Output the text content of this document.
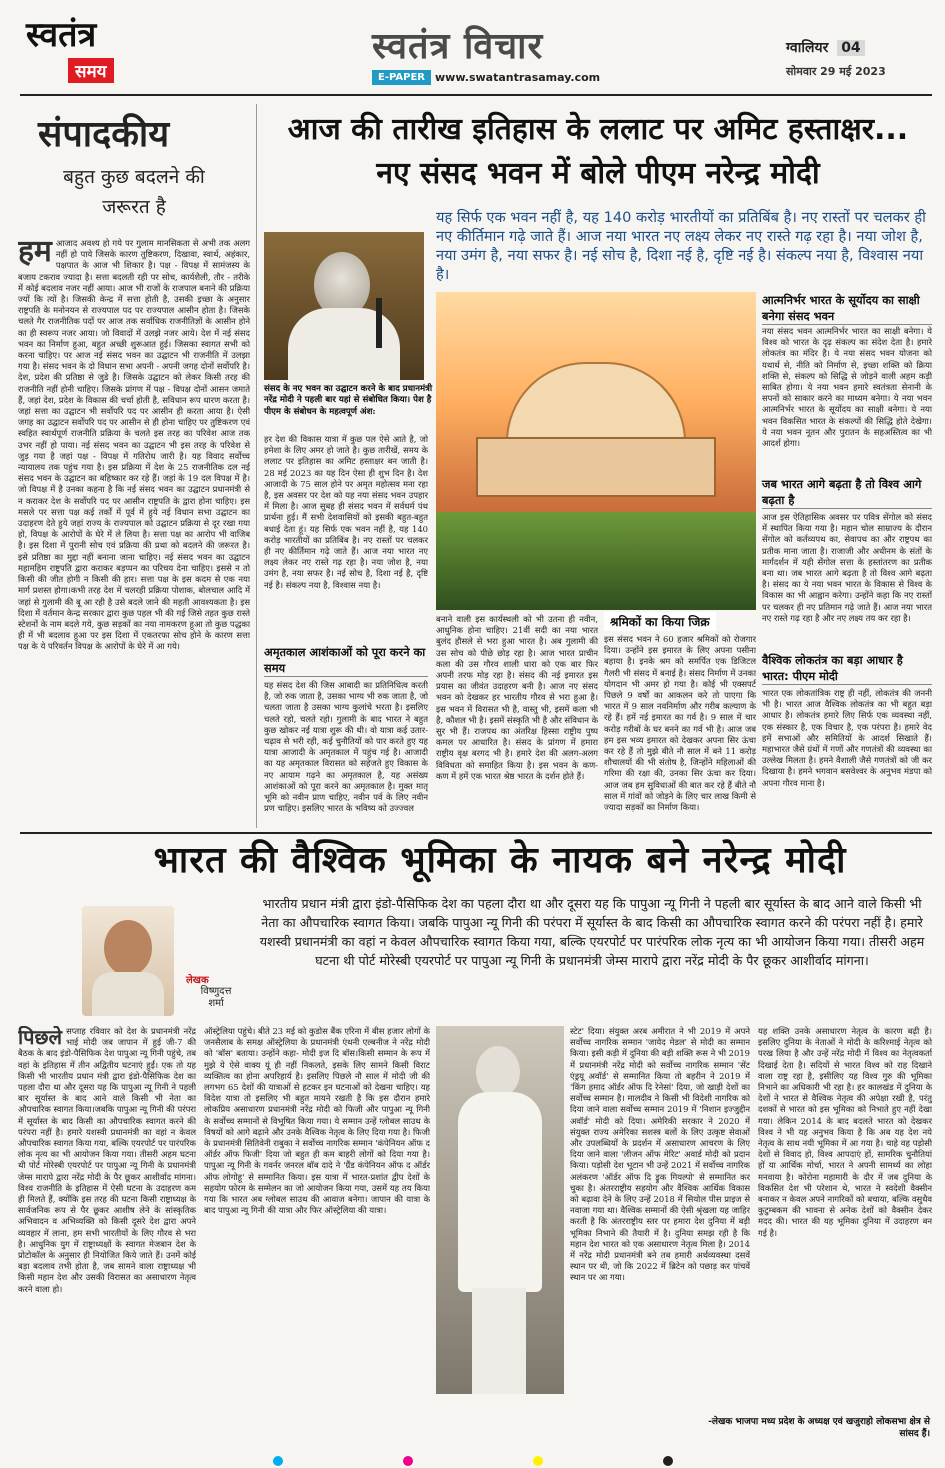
स्वतंत्र
समय
स्वतंत्र विचार
E-PAPER www.swatantrasamay.com
ग्वालियर 04
सोमवार 29 मई 2023
संपादकीय
बहुत कुछ बदलने की जरूरत है
हम आजाद अवश्य हो गये पर गुलाम मानसिकता से अभी तक अलग नहीं हो पाये जिसके कारण तुष्टिकरण, दिखावा, स्वार्थ, अहंकार, पक्षपात के आज भी शिकार है। पक्ष - विपक्ष में सामंजस्य के बजाय टकराव ज्यादा है। सत्ता बदलती रही पर सोच, कार्यशैली, तौर - तरीके में कोई बदलाव नजर नहीं आया। आज भी राजों के राजपाल बनाने की प्रक्रिया ज्यों कि त्यों है। जिसकी केन्द्र में सत्ता होती है, उसकी इच्छा के अनुसार राष्ट्रपति के मनोनयन से राज्यपाल पद पर राज्यपाल आसीन होता है। जिसके चलते गैर राजनीतिक पदों पर आज तक सर्वाधिक राजनीतिज्ञों के आसीन होने का ही स्वरूप नजर आया। जो विवादों में उलझे नजर आये। देश में नई संसद भवन का निर्माण हुआ, बहुत अच्छी शुरूआत हुई। जिसका स्वागत सभी को करना चाहिए। पर आज नई संसद भवन का उद्घाटन भी राजनीति में उलझा गया है। संसद भवन के दो विधान सभा अपनी - अपनी जगह दोनों सर्वोपरि है। देश, प्रदेश की प्रतिष्ठा से जुडे है। जिसके उद्घाटन को लेकर किसी तरह की राजनीति नहीं होनी चाहिए। जिसके प्रांगण में पक्ष - विपक्ष दोनों आसन जमाते हैं, जहां देश, प्रदेश के विकास की चर्चा होती है, सविधान रूप धारण करता है। जहां सत्ता का उद्घाटन भी सर्वोपरि पद पर आसीन ही करता आया है। ऐसी जगह का उद्घाटन सर्वोपरि पद पर आसीन से ही होना चाहिए पर तुष्टिकरण एवं स्वहित स्वार्थपूर्ण राजनीति प्रक्रिया के चलते इस तरह का परिवेश आज तक उभर नहीं हो पाया। नई संसद भवन का उद्घाटन भी इस तरह के परिवेश से जुड़ गया है जहां पक्ष - विपक्ष में गतिरोध जारी है। यह विवाद सर्वोच्च न्यायालय तक पहुंच गया है। इस प्रक्रिया में देश के 25 राजनीतिक दल नई संसद भवन के उद्घाटन का बहिष्कार कर रहे हैं। जहां के 19 दल विपक्ष में है। जो विपक्ष में है उनका कहना है कि नई संसद भवन का उद्घाटन प्रधानमंत्री से न कराकर देश के सर्वोपरि पद पर आसीन राष्ट्रपति के द्वारा होना चाहिए। इस मसले पर सत्ता पक्ष कई तर्कों में पूर्व में हुये नई विधान सभा उद्घाटन का उदाहरण देते हुये जहां राज्य के राज्यपाल को उद्घाटन प्रक्रिया से दूर रखा गया हो, विपक्ष के आरोपों के घेरे में ले लिया है। सत्ता पक्ष का आरोप भी वाजिब है। इस दिशा में पुरानी सोच एवं प्रक्रिया की प्रथा को बदलने की जरूरत है। इसे प्रतिष्ठा का मुद्दा नहीं बनाना जाना चाहिए। नई संसद भवन का उद्घाटन महामहिम राष्ट्रपति द्वारा कराकर बड़प्पन का परिचय देना चाहिए। इससे न तो किसी की जीत होगी न किसी की हार। सत्ता पक्ष के इस कदम से एक नया मार्ग प्रशस्त होगा।कभी तरह देश में चलरही प्रक्रिया पोशाक, बोलचाल आदि में जहां से गुलामी की बू आ रही है उसे बदले जाने की महती आवश्यकता है। इस दिशा में वर्तमान केन्द्र सरकार द्वारा कुछ पहल भी की गई जिसे तहत कुछ रास्ते स्टेशनों के नाम बदले गये, कुछ सड़कों का नया नामकरण हुआ तो कुछ पद्धका ही में भी बदलाव हुआ पर इस दिशा में एकतरफा सोच होने के कारण सत्ता पक्ष के ये परिवर्तन विपक्ष के आरोपों के घेरे में आ गये।
आज की तारीख इतिहास के ललाट पर अमिट हस्ताक्षर...
नए संसद भवन में बोले पीएम नरेन्द्र मोदी
संसद के नए भवन का उद्घाटन करने के बाद प्रधानमंत्री नरेंद्र मोदी ने पहली बार यहां से संबोधित किया। पेश है पीएम के संबोधन के महत्वपूर्ण अंश:
यह सिर्फ एक भवन नहीं है, यह 140 करोड़ भारतीयों का प्रतिबिंब है। नए रास्तों पर चलकर ही नए कीर्तिमान गढ़े जाते हैं। आज नया भारत नए लक्ष्य लेकर नए रास्ते गढ़ रहा है। नया जोश है, नया उमंग है, नया सफर है। नई सोच है, दिशा नई है, दृष्टि नई है। संकल्प नया है, विश्वास नया है।
हर देश की विकास यात्रा में कुछ पल ऐसे आते है, जो हमेशा के लिए अमर हो जाते है। कुछ तारीखें, समय के ललाट पर इतिहास का अमिट हस्ताक्षर बन जाती है। 28 मई 2023 का यह दिन ऐसा ही शुभ दिन है। देश आजादी के 75 साल होने पर अमृत महोत्सव मना रहा है, इस अवसर पर देश को यह नया संसद भवन उपहार में मिला है। आज सुबह ही संसद भवन में सर्वधर्म पंथ प्रार्थना हुई। मैं सभी देशवासियों को इसकी बहुत-बहुत बधाई देता हूं। यह सिर्फ एक भवन नहीं है, यह 140 करोड़ भारतीयों का प्रतिबिंब है। नए रास्तों पर चलकर ही नए कीर्तिमान गढ़े जाते हैं। आज नया भारत नए लक्ष्य लेकर नए रास्ते गढ़ रहा है। नया जोश है, नया उमंग है, नया सफर है। नई सोच है, दिशा नई है, दृष्टि नई है। संकल्प नया है, विश्वास नया है।
अमृतकाल आशंकाओं को पूरा करने का समय
यह संसद देश की जिस आबादी का प्रतिनिधित्व करती है, जो रुक जाता है, उसका भाग्य भी रुक जाता है, जो चलता जाता है उसका भाग्य कुलांचे भरता है। इसलिए चलते रहो, चलते रहो। गुलामी के बाद भारत ने बहुत कुछ खोकर नई यात्रा शुरू की थी। वो यात्रा कई उतार-चढ़ाव से भरी रही, कई चुनौतियों को पार करते हुए यह यात्रा आजादी के अमृतकाल में पहुंच गई है। आजादी का यह अमृतकाल विरासत को सहेजते हुए विकास के नए आयाम गढ़ने का अमृतकाल है, यह असंख्य आशंकाओं को पूरा करने का अमृतकाल है। मुक्त मातृ भूमि को नवीन प्राण चाहिए, नवीन पर्व के लिए नवीन प्रण चाहिए। इसलिए भारत के भविष्य को उज्ज्वल
श्रमिकों का किया जिक्र
बनाने वाली इस कार्यस्थली को भी उतना ही नवीन, आधुनिक होना चाहिए। 21वीं सदी का नया भारत बुलंद हौसले से भरा हुआ भारत है। अब गुलामी की उस सोच को पीछे छोड़ रहा है। आज भारत प्राचीन कला की उस गौरव शाली धारा को एक बार फिर अपनी तरफ मोड़ रहा है। संसद की नई इमारत इस प्रयास का जीवंत उदाहरण बनी है। आज नए संसद भवन को देखकर हर भारतीय गौरव से भरा हुआ है। इस भवन में विरासत भी है, वास्तु भी, इसमें कला भी है, कौशल भी है। इसमें संस्कृति भी है और संविधान के सुर भी हैं। राजपथ का अंतरिक्ष हिस्सा राष्ट्रीय पुष्प कमल पर आधारित है। संसद के प्रांगण में हमारा राष्ट्रीय वृक्ष बरगद भी है। हमारे देश की अलग-अलग विविधता को समाहित किया है। इस भवन के कण-कण में हमें एक भारत श्रेष्ठ भारत के दर्शन होते हैं।
इस संसद भवन ने 60 हजार श्रमिकों को रोजगार दिया। उन्होंने इस इमारत के लिए अपना पसीना बहाया है। इनके श्रम को समर्पित एक डिजिटल गैलरी भी संसद में बनाई है। संसद निर्माण में उनका योगदान भी अमर हो गया है। कोई भी एक्सपर्ट पिछले 9 वर्षों का आकलन करे तो पाएगा कि भारत में 9 साल नवनिर्माण और गरीब कल्याण के रहे हैं। हमें नई इमारत का गर्व है। 9 साल में चार करोड़ गरीबों के घर बनने का गर्व भी है। आज जब हम इस भव्य इमारत को देखकर अपना सिर ऊंचा कर रहे हैं तो मुझे बीते नौ साल में बने 11 करोड़ शौचालयों की भी संतोष है, जिन्होंने महिलाओं की गरिमा की रक्षा की, उनका सिर ऊंचा कर दिया। आज जब हम सुविधाओं की बात कर रहे हैं बीते नौ साल में गांवों को जोड़ने के लिए चार लाख किमी से ज्यादा सड़कों का निर्माण किया।
आत्मनिर्भर भारत के सूर्योदय का साक्षी बनेगा संसद भवन
नया संसद भवन आत्मनिर्भर भारत का साक्षी बनेगा। ये विश्व को भारत के दृढ़ संकल्प का संदेश देता है। हमारे लोकतंत्र का मंदिर है। ये नया संसद भवन योजना को यथार्थ से, नीति को निर्माण से, इच्छा शक्ति को क्रिया शक्ति से, संकल्प को सिद्धि से जोड़ने वाली अहम कड़ी साबित होगा। ये नया भवन हमारे स्वतंत्रता सेनानी के सपनों को साकार करने का माध्यम बनेगा। ये नया भवन आत्मनिर्भर भारत के सूर्योदय का साक्षी बनेगा। ये नया भवन विकसित भारत के संकल्पों की सिद्धि होते देखेगा। ये नया भवन नूतन और पुरातन के सहअस्तित्व का भी आदर्श होगा।
जब भारत आगे बढ़ता है तो विश्व आगे बढ़ता है
आज इस ऐतिहासिक अवसर पर पवित्र सेंगोल को संसद में स्थापित किया गया है। महान चोल साम्राज्य के दौरान सेंगोल को कर्तव्यपथ का, सेवापथ का और राष्ट्रपथ का प्रतीक माना जाता है। राजाजी और अधीनम के संतों के मार्गदर्शन में यही सेंगोल सत्ता के हस्तांतरण का प्रतीक बना था। जब भारत आगे बढ़ता है तो विश्व आगे बढ़ता है। संसद का ये नया भवन भारत के विकास से विश्व के विकास का भी आह्वान करेगा। उन्होंने कहा कि नए रास्तों पर चलकर ही नए प्रतिमान गढ़े जाते हैं। आज नया भारत नए रास्ते गढ़ रहा है और नए लक्ष्य तय कर रहा है।
वैश्विक लोकतंत्र का बड़ा आधार है भारत: पीएम मोदी
भारत एक लोकतांत्रिक राष्ट्र ही नहीं, लोकतंत्र की जननी भी है। भारत आज वैश्विक लोकतंत्र का भी बहुत बड़ा आधार है। लोकतंत्र हमारे लिए सिर्फ एक व्यवस्था नहीं, एक संस्कार है, एक विचार है, एक परंपरा है। हमारे वेद हमें सभाओं और समितियों के आदर्श सिखाते हैं। महाभारत जैसे ग्रंथों में गणों और गणतंत्रों की व्यवस्था का उल्लेख मिलता है। हमने वैशाली जैसे गणतंत्रों को जी कर दिखाया है। हमने भगवान बसवेश्वर के अनुभव मंडपा को अपना गौरव माना है।
भारत की वैश्विक भूमिका के नायक बने नरेन्द्र मोदी
भारतीय प्रधान मंत्री द्वारा इंडो-पैसिफिक देश का पहला दौरा था और दूसरा यह कि पापुआ न्यू गिनी ने पहली बार सूर्यास्त के बाद आने वाले किसी भी नेता का औपचारिक स्वागत किया। जबकि पापुआ न्यू गिनी की परंपरा में सूर्यास्त के बाद किसी का औपचारिक स्वागत करने की परंपरा नहीं है। हमारे यशस्वी प्रधानमंत्री का वहां न केवल औपचारिक स्वागत किया गया, बल्कि एयरपोर्ट पर पारंपरिक लोक नृत्य का भी आयोजन किया गया। तीसरी अहम घटना थी पोर्ट मोरेस्बी एयरपोर्ट पर पापुआ न्यू गिनी के प्रधानमंत्री जेम्स मारापे द्वारा नरेंद्र मोदी के पैर छूकर आशीर्वाद मांगना।
लेखक
विष्णुदत्त शर्मा
पिछले सप्ताह रविवार को देश के प्रधानमंत्री नरेंद्र भाई मोदी जब जापान में हुई जी-7 की बैठक के बाद इंडो-पैसिफिक देश पापुआ न्यू गिनी पहुंचे, तब वहां के इतिहास में तीन अद्वितीय घटनाएं हुईं। एक तो यह किसी भी भारतीय प्रधान मंत्री द्वारा इंडो-पैसिफिक देश का पहला दौरा था और दूसरा यह कि पापुआ न्यू गिनी ने पहली बार सूर्यास्त के बाद आने वाले किसी भी नेता का औपचारिक स्वागत किया।जबकि पापुआ न्यू गिनी की परंपरा में सूर्यास्त के बाद किसी का औपचारिक स्वागत करने की परंपरा नहीं है। हमारे यशस्वी प्रधानमंत्री का वहां न केवल औपचारिक स्वागत किया गया, बल्कि एयरपोर्ट पर पारंपरिक लोक नृत्य का भी आयोजन किया गया। तीसरी अहम घटना थी पोर्ट मोरेस्बी एयरपोर्ट पर पापुआ न्यू गिनी के प्रधानमंत्री जेम्स मारापे द्वारा नरेंद्र मोदी के पैर छूकर आशीर्वाद मांगना। विश्व राजनीति के इतिहास में ऐसी घटना के उदाहरण कम ही मिलते हैं, क्योंकि इस तरह की घटना किसी राष्ट्राध्यक्ष के सार्वजनिक रूप से पैर छूकर आशीष लेने के सांस्कृतिक अभिवादन व अभिव्यक्ति को किसी दूसरे देश द्वारा अपने व्यवहार में लाना, हम सभी भारतीयों के लिए गौरव से भरा है। आधुनिक युग में राष्ट्राध्यक्षों के स्वागत मेजबान देश के प्रोटोकॉल के अनुसार ही नियोजित किये जाते हैं। उनमें कोई बड़ा बदलाव तभी होता है, जब सामने वाला राष्ट्राध्यक्ष भी किसी महान देश और उसकी विरासत का असाधारण नेतृत्व करने वाला हो।
ऑस्ट्रेलिया पहुंचे। बीते 23 मई को कुडोस बैंक एरिना में बीस हजार लोगों के जनसैलाब के समक्ष ऑस्ट्रेलिया के प्रधानमंत्री एंथनी एल्बनीज ने नरेंद्र मोदी को 'बॉस' बताया। उन्होंने कहा- मोदी इज दि बॉस।किसी सम्मान के रूप में मुझे ये ऐसे वाक्य यूं ही नहीं निकलते, इसके लिए सामने किसी विराट व्यक्तित्व का होना अपरिहार्य है। इसलिए पिछले नौ साल में मोदी जी की लगभग 65 देशों की यात्राओं से हटकर इन घटनाओं को देखना चाहिए। यह विदेश यात्रा तो इसलिए भी बहुत मायने रखती है कि इस दौरान हमारे लोकप्रिय असाधारण प्रधानमंत्री नरेंद्र मोदी को फिजी और पापुआ न्यू गिनी के सर्वोच्च सम्मानों से विभूषित किया गया। ये सम्मान उन्हें ग्लोबल साउथ के विषयों को आगे बढ़ाने और उनके वैश्विक नेतृत्व के लिए दिया गया है। फिजी के प्रधानमंत्री सितिवेनी राबुका ने सर्वोच्च नागरिक सम्मान 'कंपेनियन ऑफ द ऑर्डर ऑफ फिजी' दिया जो बहुत ही कम बाहरी लोगों को दिया गया है। पापुआ न्यू गिनी के गवर्नर जनरल बॉब दादे ने 'ग्रैंड कंपेनियन ऑफ द ऑर्डर ऑफ लोगोहू' से सम्मानित किया। इस यात्रा में भारत-प्रशांत द्वीप देशों के सहयोग फोरम के सम्मेलन का जो आयोजन किया गया, उसमें यह तय किया गया कि भारत अब ग्लोबल साउथ की आवाज बनेगा। जापान की यात्रा के बाद पापुआ न्यू गिनी की यात्रा और फिर ऑस्ट्रेलिया की यात्रा।
स्टेट' दिया। संयुक्त अरब अमीरात ने भी 2019 में अपने सर्वोच्च नागरिक सम्मान 'जायेद मेडल' से मोदी का सम्मान किया। इसी कड़ी में दुनिया की बड़ी शक्ति रूस ने भी 2019 में प्रधानमंत्री नरेंद्र मोदी को सर्वोच्च नागरिक सम्मान 'सेंट एंड्रयू अवॉर्ड' से सम्मानित किया तो बहरीन ने 2019 में 'किंग हमाद ऑर्डर ऑफ दि रेनेसां' दिया, जो खाड़ी देशों का सर्वोच्च सम्मान है। मालदीव ने किसी भी विदेशी नागरिक को दिया जाने वाला सर्वोच्च सम्मान 2019 में 'निशान इज्जुद्दीन अवॉर्ड' मोदी को दिया। अमेरिकी सरकार ने 2020 में संयुक्त राज्य अमेरिका सशस्त्र बलों के लिए उत्कृष्ट सेवाओं और उपलब्धियों के प्रदर्शन में असाधारण आचरण के लिए दिया जाने वाला 'लीजन ऑफ मेरिट' अवार्ड मोदी को प्रदान किया। पड़ोसी देश भूटान भी उन्हें 2021 में सर्वोच्च नागरिक अलंकरण 'ऑर्डर ऑफ दि ड्रुक गियल्पो' से सम्मानित कर चुका है। अंतरराष्ट्रीय सहयोग और वैश्विक आर्थिक विकास को बढ़ावा देने के लिए उन्हें 2018 में सियोल पीस प्राइज से नवाजा गया था। वैश्विक सम्मानों की ऐसी श्रृंखला यह जाहिर करती है कि अंतरराष्ट्रीय स्तर पर हमारा देश दुनिया में बड़ी भूमिका निभाने की तैयारी में है। दुनिया समझ रही है कि महान देश भारत को एक असाधारण नेतृत्व मिला है। 2014 में नरेंद्र मोदी प्रधानमंत्री बने तब हमारी अर्थव्यवस्था दसवें स्थान पर थी, जो कि 2022 में ब्रिटेन को पछाड़ कर पांचवें स्थान पर आ गया।
यह शक्ति उनके असाधारण नेतृत्व के कारण बढ़ी है। इसलिए दुनिया के नेताओं ने मोदी के करिश्माई नेतृत्व को परख लिया है और उन्हें नरेंद्र मोदी में विश्व का नेतृत्वकर्ता दिखाई देता है। सदियों से भारत विश्व को राह दिखाने वाला राष्ट्र रहा है, इसीलिए यह विश्व गुरु की भूमिका निभाने का अधिकारी भी रहा है। हर कालखंड में दुनिया के देशों ने भारत से वैश्विक नेतृत्व की अपेक्षा रखी है, परंतु दशकों से भारत को इस भूमिका को निभाते हुए नहीं देखा गया। लेकिन 2014 के बाद बदलते भारत को देखकर विश्व ने भी यह अनुभव किया है कि अब यह देश नये नेतृत्व के साथ नयी भूमिका में आ गया है। चाहे वह पड़ोसी देशों से विवाद हो, विश्व आपदाएं हों, सामरिक चुनौतियां हों या आर्थिक मोर्चा, भारत ने अपनी सामर्थ्य का लोहा मनवाया है। कोरोना महामारी के दौर में जब दुनिया के विकसित देश भी परेशान थे, भारत ने स्वदेशी वैक्सीन बनाकर न केवल अपने नागरिकों को बचाया, बल्कि वसुधैव कुटुम्बकम की भावना से अनेक देशों को वैक्सीन देकर मदद की। भारत की यह भूमिका दुनिया में उदाहरण बन गई है।
-लेखक भाजपा मध्य प्रदेश के अध्यक्ष एवं खजुराहो लोकसभा क्षेत्र से सांसद हैं।
